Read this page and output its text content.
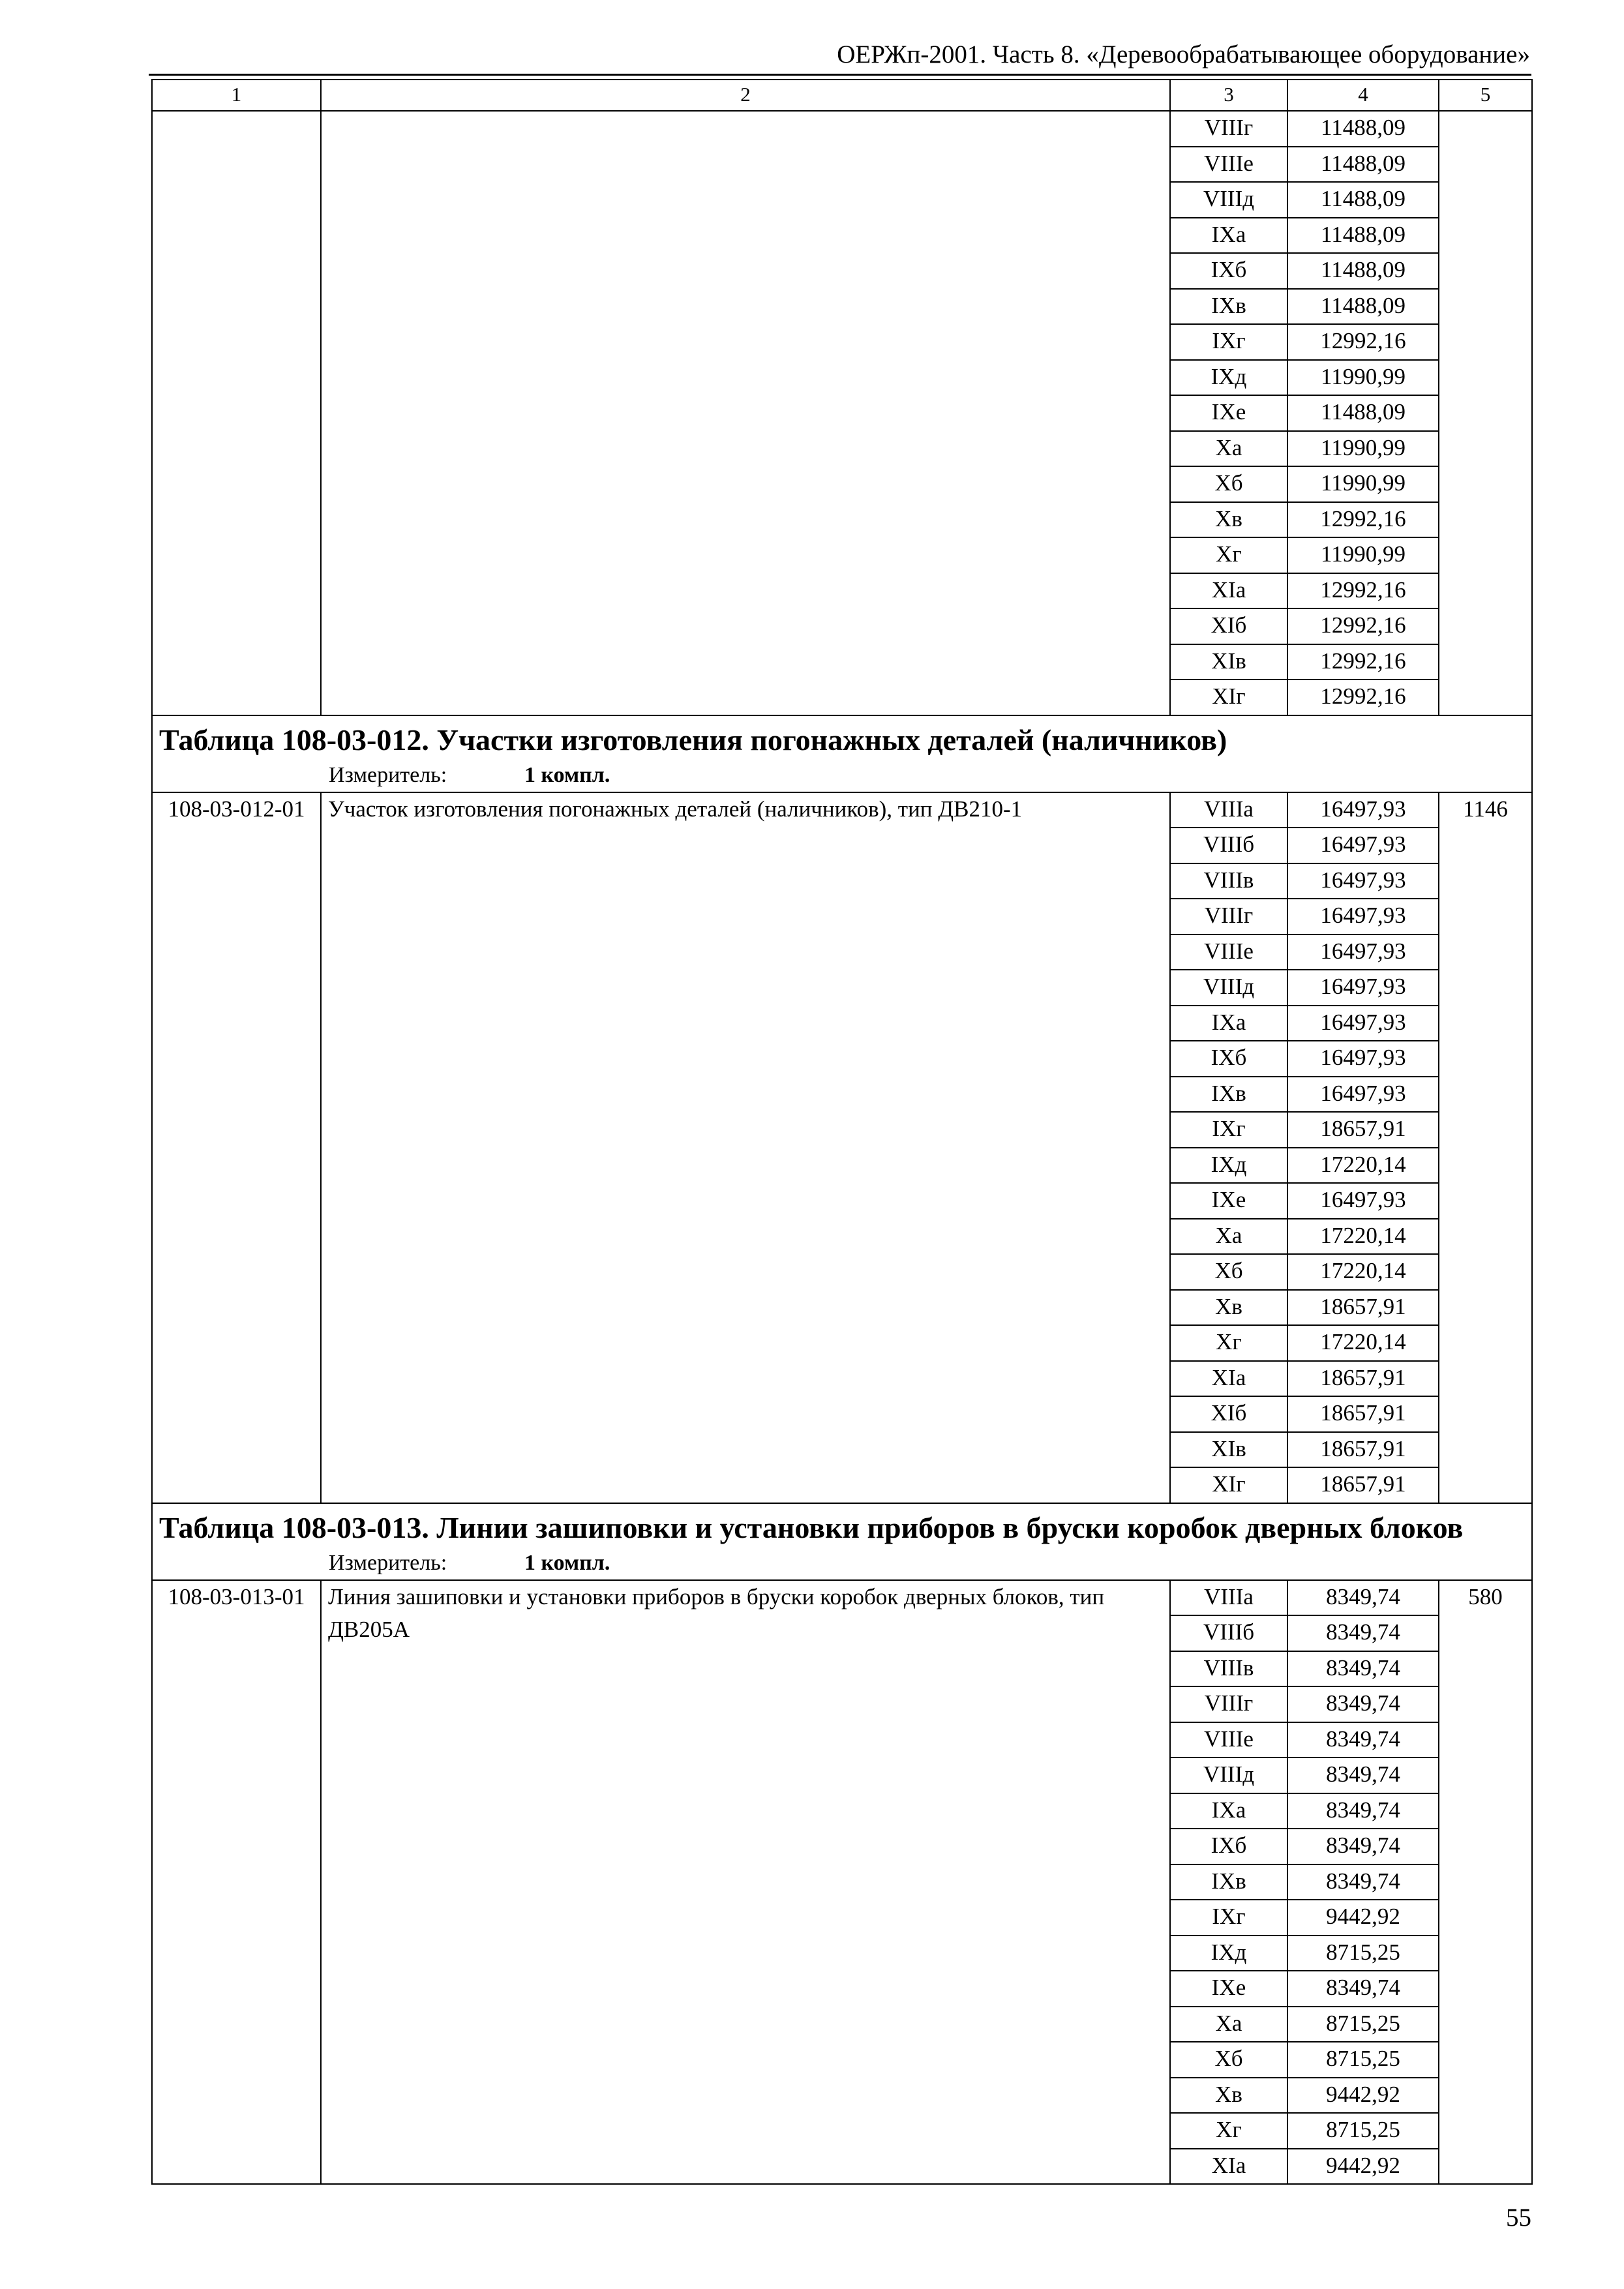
ОЕРЖп-2001. Часть 8. «Деревообрабатывающее оборудование»
1	2	3	4	5
		VIIIг	11488,09	
		VIIIе	11488,09	
		VIIIд	11488,09	
		IXа	11488,09	
		IXб	11488,09	
		IXв	11488,09	
		IXг	12992,16	
		IXд	11990,99	
		IXе	11488,09	
		Xа	11990,99	
		Xб	11990,99	
		Xв	12992,16	
		Xг	11990,99	
		XIа	12992,16	
		XIб	12992,16	
		XIв	12992,16	
		XIг	12992,16	
Таблица 108-03-012. Участки изготовления погонажных деталей (наличников)
Измеритель: 1 компл.				

108-03-012-01	Участок изготовления погонажных деталей (наличников), тип ДВ210-1	VIIIа	16497,93	1146
		VIIIб	16497,93	
		VIIIв	16497,93	
		VIIIг	16497,93	
		VIIIе	16497,93	
		VIIIд	16497,93	
		IXа	16497,93	
		IXб	16497,93	
		IXв	16497,93	
		IXг	18657,91	
		IXд	17220,14	
		IXе	16497,93	
		Xа	17220,14	
		Xб	17220,14	
		Xв	18657,91	
		Xг	17220,14	
		XIа	18657,91	
		XIб	18657,91	
		XIв	18657,91	
		XIг	18657,91	
Таблица 108-03-013. Линии зашиповки и установки приборов в бруски коробок дверных блоков
Измеритель: 1 компл.				

108-03-013-01	Линия зашиповки и установки приборов в бруски коробок дверных блоков, тип ДВ205А	VIIIа	8349,74	580
		VIIIб	8349,74	
		VIIIв	8349,74	
		VIIIг	8349,74	
		VIIIе	8349,74	
		VIIIд	8349,74	
		IXа	8349,74	
		IXб	8349,74	
		IXв	8349,74	
		IXг	9442,92	
		IXд	8715,25	
		IXе	8349,74	
		Xа	8715,25	
		Xб	8715,25	
		Xв	9442,92	
		Xг	8715,25	
		XIа	9442,92	
55
